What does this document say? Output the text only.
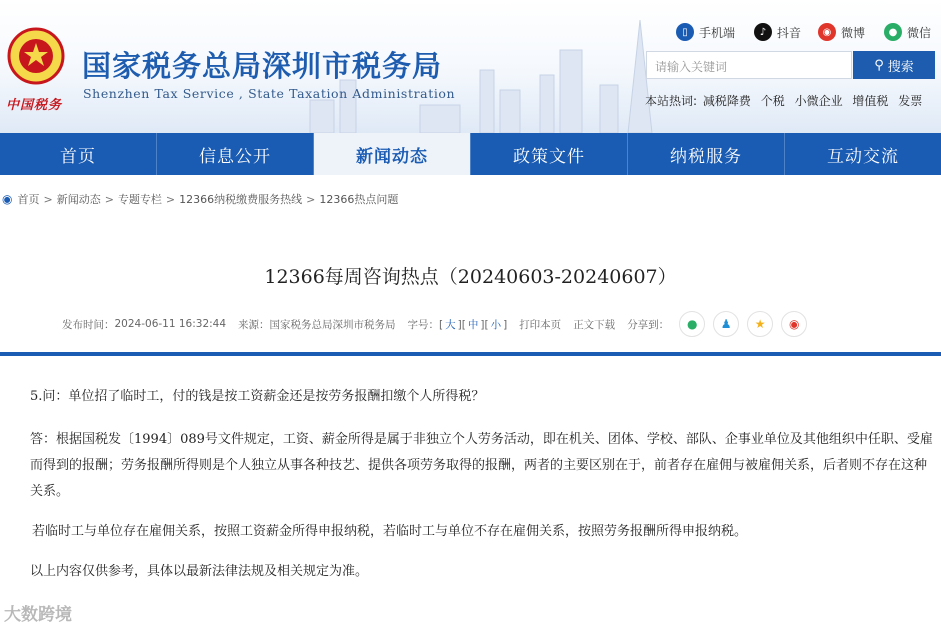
中国税务
国家税务总局深圳市税务局
Shenzhen Tax Service , State Taxation Administration
▯ 手机端	♪ 抖音	◉ 微博	● 微信
请输入关键词	⚲ 搜索
本站热词: 减税降费 个税 小微企业 增值税 发票
首页	信息公开	新闻动态	政策文件	纳税服务	互动交流
◉ 首页 > 新闻动态 > 专题专栏 > 12366纳税缴费服务热线 > 12366热点问题
12366每周咨询热点（20240603-20240607）
发布时间： 2024-06-11 16:32:44 来源： 国家税务总局深圳市税务局 字号： [ 大 ] [ 中 ] [ 小 ] 打印本页 正文下载 分享到：	●	♟	★	◉
5.问：单位招了临时工，付的钱是按工资薪金还是按劳务报酬扣缴个人所得税？
答：根据国税发〔1994〕089号文件规定，工资、薪金所得是属于非独立个人劳务活动，即在机关、团体、学校、部队、企事业单位及其他组织中任职、受雇而得到的报酬；劳务报酬所得则是个人独立从事各种技艺、提供各项劳务取得的报酬，两者的主要区别在于，前者存在雇佣与被雇佣关系，后者则不存在这种关系。
若临时工与单位存在雇佣关系，按照工资薪金所得申报纳税，若临时工与单位不存在雇佣关系，按照劳务报酬所得申报纳税。
以上内容仅供参考，具体以最新法律法规及相关规定为准。
大数跨境
